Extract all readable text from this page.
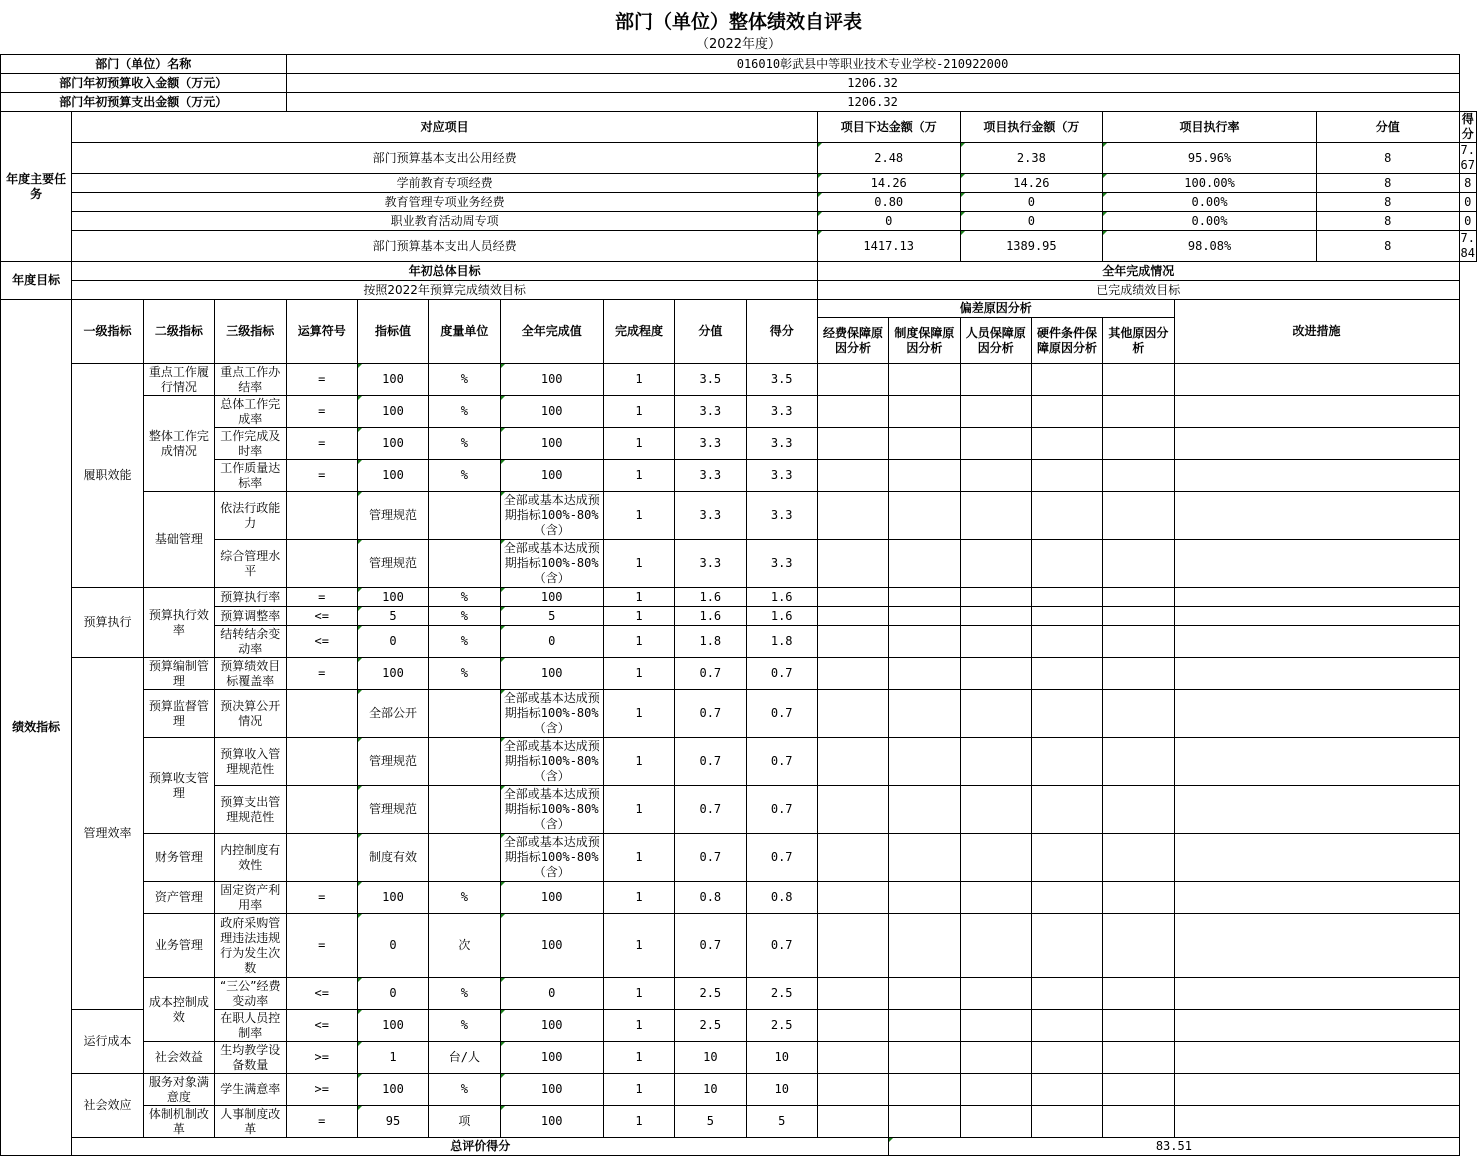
部门（单位）整体绩效自评表
（2022年度）
部门（单位）名称				016010彰武县中等职业技术专业学校-210922000														
部门年初预算收入金额（万元）				1206.32														
部门年初预算支出金额（万元）				1206.32														
年度主要任务	对应项目										项目下达金额（万		项目执行金额（万		项目执行率		分值	得分
	部门预算基本支出公用经费										2.48		2.38		95.96%		8	7.67
	学前教育专项经费										14.26		14.26		100.00%		8	8
	教育管理专项业务经费										0.80		0		0.00%		8	0
	职业教育活动周专项										0		0		0.00%		8	0
	部门预算基本支出人员经费										1417.13		1389.95		98.08%		8	7.84
年度目标	年初总体目标										全年完成情况							
	按照2022年预算完成绩效目标										已完成绩效目标							
绩效指标	一级指标	二级指标	三级指标	运算符号	指标值	度量单位	全年完成值	完成程度	分值	得分	偏差原因分析					改进措施		
											经费保障原因分析	制度保障原因分析	人员保障原因分析	硬件条件保障原因分析	其他原因分析			
	履职效能	重点工作履行情况	重点工作办结率	=	100	%	100	1	3.5	3.5								
		整体工作完成情况	总体工作完成率	=	100	%	100	1	3.3	3.3								
			工作完成及时率	=	100	%	100	1	3.3	3.3								
			工作质量达标率	=	100	%	100	1	3.3	3.3								
		基础管理	依法行政能力		管理规范		全部或基本达成预期指标100%-80%（含）	1	3.3	3.3								
			综合管理水平		管理规范		全部或基本达成预期指标100%-80%（含）	1	3.3	3.3								
	预算执行	预算执行效率	预算执行率	=	100	%	100	1	1.6	1.6								
			预算调整率	<=	5	%	5	1	1.6	1.6								
			结转结余变动率	<=	0	%	0	1	1.8	1.8								
	管理效率	预算编制管理	预算绩效目标覆盖率	=	100	%	100	1	0.7	0.7								
		预算监督管理	预决算公开情况		全部公开		全部或基本达成预期指标100%-80%（含）	1	0.7	0.7								
		预算收支管理	预算收入管理规范性		管理规范		全部或基本达成预期指标100%-80%（含）	1	0.7	0.7								
			预算支出管理规范性		管理规范		全部或基本达成预期指标100%-80%（含）	1	0.7	0.7								
		财务管理	内控制度有效性		制度有效		全部或基本达成预期指标100%-80%（含）	1	0.7	0.7								
		资产管理	固定资产利用率	=	100	%	100	1	0.8	0.8								
		业务管理	政府采购管理违法违规行为发生次数	=	0	次	100	1	0.7	0.7								
		成本控制成效	“三公”经费变动率	<=	0	%	0	1	2.5	2.5								
	运行成本		在职人员控制率	<=	100	%	100	1	2.5	2.5								
		社会效益	生均教学设备数量	>=	1	台/人	100	1	10	10								
	社会效应	服务对象满意度	学生满意率	>=	100	%	100	1	10	10								
		体制机制改革	人事制度改革	=	95	项	100	1	5	5								
	总评价得分											83.51						
